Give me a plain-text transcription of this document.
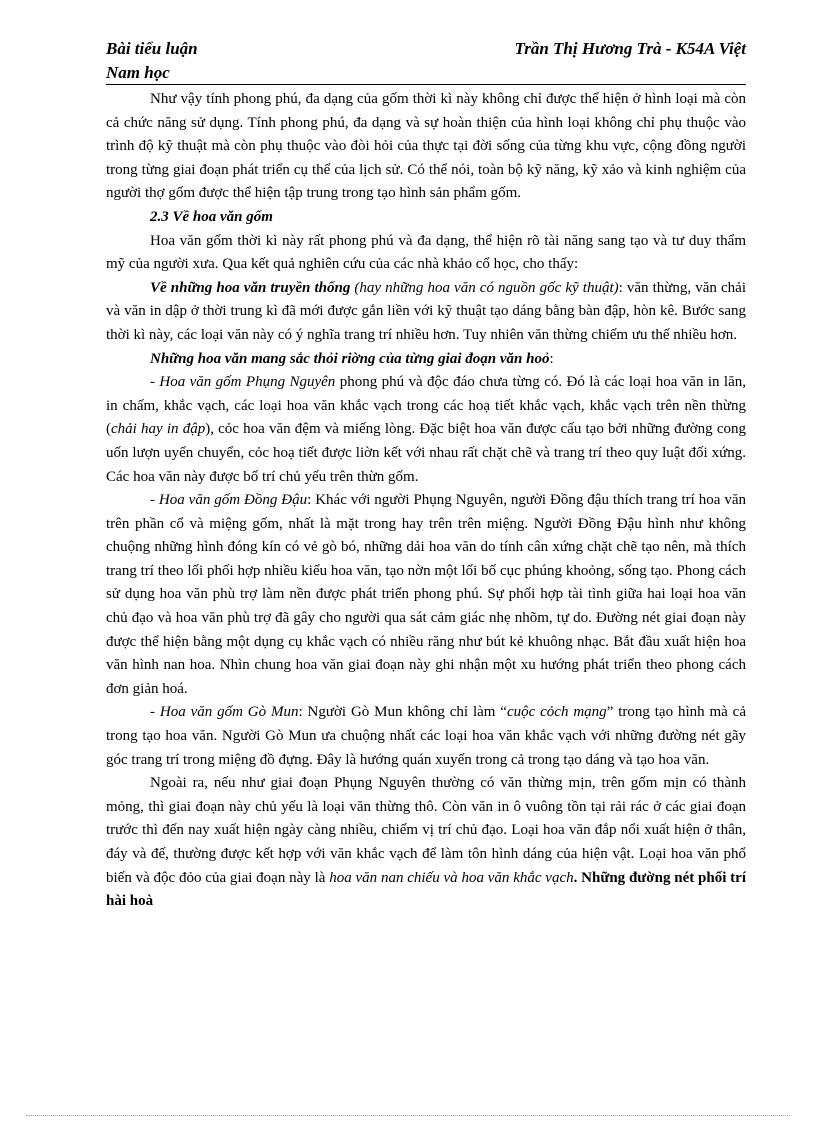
Bài tiểu luận	Trần Thị Hương Trà - K54A Việt
Nam học

Như vậy tính phong phú, đa dạng của gốm thời kì này không chỉ được thể hiện ở hình loại mà còn cả chức năng sử dụng. Tính phong phú, đa dạng và sự hoàn thiện của hình loại không chỉ phụ thuộc vào trình độ kỹ thuật mà còn phụ thuộc vào đòi hỏi của thực tại đời sống của từng khu vực, cộng đồng người trong từng giai đoạn phát triển cụ thể của lịch sử. Có thể nói, toàn bộ kỹ năng, kỹ xảo và kinh nghiệm của người thợ gốm được thể hiện tập trung trong tạo hình sản phẩm gốm.

2.3 Về hoa văn gốm

Hoa văn gốm thời kì này rất phong phú và đa dạng, thể hiện rõ tài năng sang tạo và tư duy thẩm mỹ của người xưa. Qua kết quả nghiên cứu của các nhà khảo cổ học, cho thấy:

Về những hoa văn truyền thống (hay những hoa văn có nguồn gốc kỹ thuật): văn thừng, văn chải và văn in dập ở thời trung kì đã mới được gắn liền với kỹ thuật tạo dáng bằng bàn đập, hòn kê. Bước sang thời kì này, các loại văn này có ý nghĩa trang trí nhiều hơn. Tuy nhiên văn thừng chiếm ưu thế nhiều hơn.

Những hoa văn mang sắc thỏi riờng của từng giai đoạn văn hoỏ:

- Hoa văn gốm Phụng Nguyên phong phú và độc đáo chưa từng có. Đó là các loại hoa văn in lăn, in chấm, khắc vạch, các loại hoa văn khắc vạch trong các hoạ tiết khắc vạch, khắc vạch trên nền thừng (chải hay in đập), cỏc hoa văn đệm và miếng lòng. Đặc biệt hoa văn được cấu tạo bởi những đường cong uốn lượn uyển chuyển, cỏc hoạ tiết được liờn kết với nhau rất chặt chẽ và trang trí theo quy luật đối xứng. Các hoa văn này được bố trí chủ yếu trên thừn gốm.

- Hoa văn gốm Đồng Đậu: Khác với người Phụng Nguyên, người Đồng đậu thích trang trí hoa văn trên phần cổ và miệng gốm, nhất là mặt trong hay trên trên miệng. Người Đồng Đậu hình như không chuộng những hình đóng kín có vẻ gò bó, những dải hoa văn do tính cân xứng chặt chẽ tạo nên, mà thích trang trí theo lối phối hợp nhiều kiểu hoa văn, tạo nờn một lối bố cục phúng khoỏng, sống tạo. Phong cách sử dụng hoa văn phù trợ làm nền được phát triển phong phú. Sự phối hợp tài tình giữa hai loại hoa văn chủ đạo và hoa văn phù trợ đã gây cho người qua sát cảm giác nhẹ nhõm, tự do. Đường nét giai đoạn này được thể hiện bằng một dụng cụ khắc vạch có nhiều răng như bút kẻ khuông nhạc. Bắt đầu xuất hiện hoa văn hình nan hoa. Nhìn chung hoa văn giai đoạn này ghi nhận một xu hướng phát triển theo phong cách đơn giản hoá.

- Hoa văn gốm Gò Mun: Người Gò Mun không chỉ làm “cuộc cỏch mạng” trong tạo hình mà cả trong tạo hoa văn. Người Gò Mun ưa chuộng nhất các loại hoa văn khắc vạch với những đường nét gãy góc trang trí trong miệng đồ đựng. Đây là hướng quán xuyến trong cả trong tạo dáng và tạo hoa văn.

Ngoài ra, nếu như giai đoạn Phụng Nguyên thường có văn thừng mịn, trên gốm mịn có thành mỏng, thì giai đoạn này chủ yếu là loại văn thừng thô. Còn văn in ô vuông tồn tại rải rác ở các giai đoạn trước thì đến nay xuất hiện ngày càng nhiều, chiếm vị trí chủ đạo. Loại hoa văn đắp nổi xuất hiện ở thân, đáy và đế, thường được kết hợp với văn khắc vạch để làm tôn hình dáng của hiện vật. Loại hoa văn phổ biến và độc đỏo của giai đoạn này là hoa văn nan chiếu và hoa văn khắc vạch. Những đường nét phối trí hài hoà
